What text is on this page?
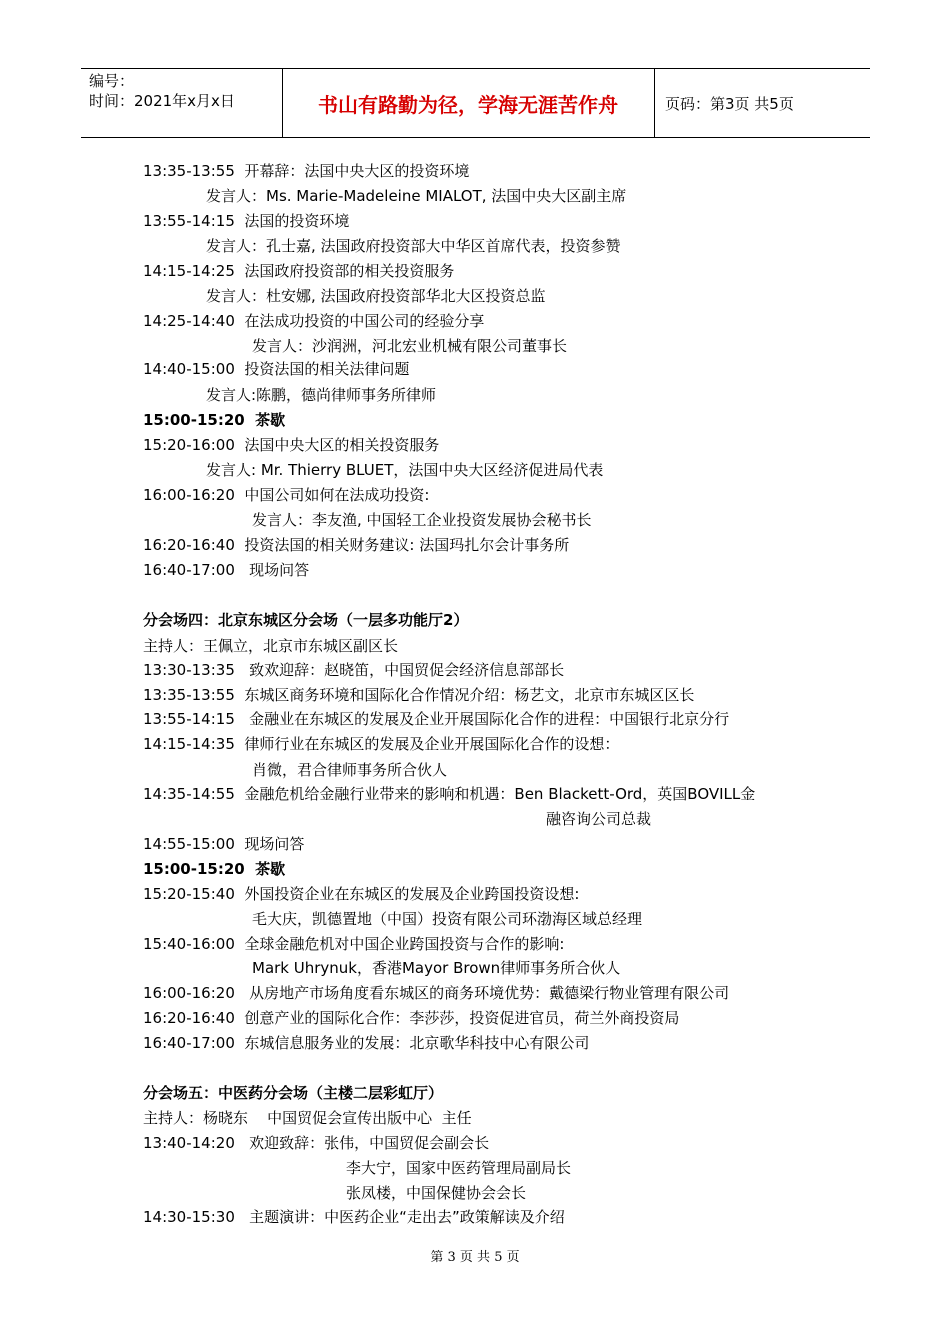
编号：
时间：2021年x月x日	书山有路勤为径，学海无涯苦作舟	页码：第3页 共5页
13:35-13:55  开幕辞：法国中央大区的投资环境
发言人：Ms. Marie-Madeleine MIALOT, 法国中央大区副主席
13:55-14:15  法国的投资环境
发言人：孔士嘉, 法国政府投资部大中华区首席代表，投资参赞
14:15-14:25  法国政府投资部的相关投资服务
发言人：杜安娜, 法国政府投资部华北大区投资总监
14:25-14:40  在法成功投资的中国公司的经验分享
发言人：沙润洲，河北宏业机械有限公司董事长
14:40-15:00  投资法国的相关法律问题
发言人:陈鹏，德尚律师事务所律师
15:00-15:20  茶歇
15:20-16:00  法国中央大区的相关投资服务
发言人: Mr. Thierry BLUET，法国中央大区经济促进局代表
16:00-16:20  中国公司如何在法成功投资:
发言人：李友渔, 中国轻工企业投资发展协会秘书长
16:20-16:40  投资法国的相关财务建议: 法国玛扎尔会计事务所
16:40-17:00   现场问答
分会场四：北京东城区分会场（一层多功能厅2）
主持人：王佩立，北京市东城区副区长
13:30-13:35   致欢迎辞：赵晓笛，中国贸促会经济信息部部长
13:35-13:55  东城区商务环境和国际化合作情况介绍：杨艺文，北京市东城区区长
13:55-14:15   金融业在东城区的发展及企业开展国际化合作的进程：中国银行北京分行
14:15-14:35  律师行业在东城区的发展及企业开展国际化合作的设想：
肖微，君合律师事务所合伙人
14:35-14:55  金融危机给金融行业带来的影响和机遇：Ben Blackett-Ord，英国BOVILL金
融咨询公司总裁
14:55-15:00  现场问答
15:00-15:20  茶歇
15:20-15:40  外国投资企业在东城区的发展及企业跨国投资设想:
毛大庆，凯德置地（中国）投资有限公司环渤海区域总经理
15:40-16:00  全球金融危机对中国企业跨国投资与合作的影响:
Mark Uhrynuk，香港Mayor Brown律师事务所合伙人
16:00-16:20   从房地产市场角度看东城区的商务环境优势：戴德梁行物业管理有限公司
16:20-16:40  创意产业的国际化合作：李莎莎，投资促进官员，荷兰外商投资局
16:40-17:00  东城信息服务业的发展：北京歌华科技中心有限公司
分会场五：中医药分会场（主楼二层彩虹厅）
主持人：杨晓东    中国贸促会宣传出版中心  主任
13:40-14:20   欢迎致辞：张伟，中国贸促会副会长
李大宁，国家中医药管理局副局长
张凤楼，中国保健协会会长
14:30-15:30   主题演讲：中医药企业“走出去”政策解读及介绍
第 3 页 共 5 页
